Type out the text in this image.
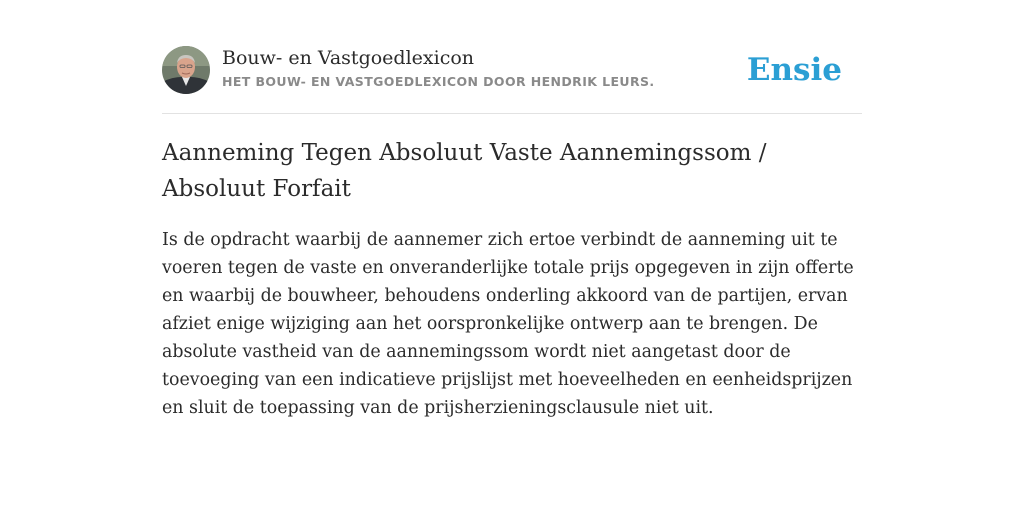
Bouw- en Vastgoedlexicon
HET BOUW- EN VASTGOEDLEXICON DOOR HENDRIK LEURS.	Ensie
Aanneming Tegen Absoluut Vaste Aannemingssom / Absoluut Forfait

Is de opdracht waarbij de aannemer zich ertoe verbindt de aanneming uit te voeren tegen de vaste en onveranderlijke totale prijs opgegeven in zijn offerte en waarbij de bouwheer, behoudens onderling akkoord van de partijen, ervan afziet enige wijziging aan het oorspronkelijke ontwerp aan te brengen. De absolute vastheid van de aannemingssom wordt niet aangetast door de toevoeging van een indicatieve prijslijst met hoeveelheden en eenheidsprijzen en sluit de toepassing van de prijsherzieningsclausule niet uit.
